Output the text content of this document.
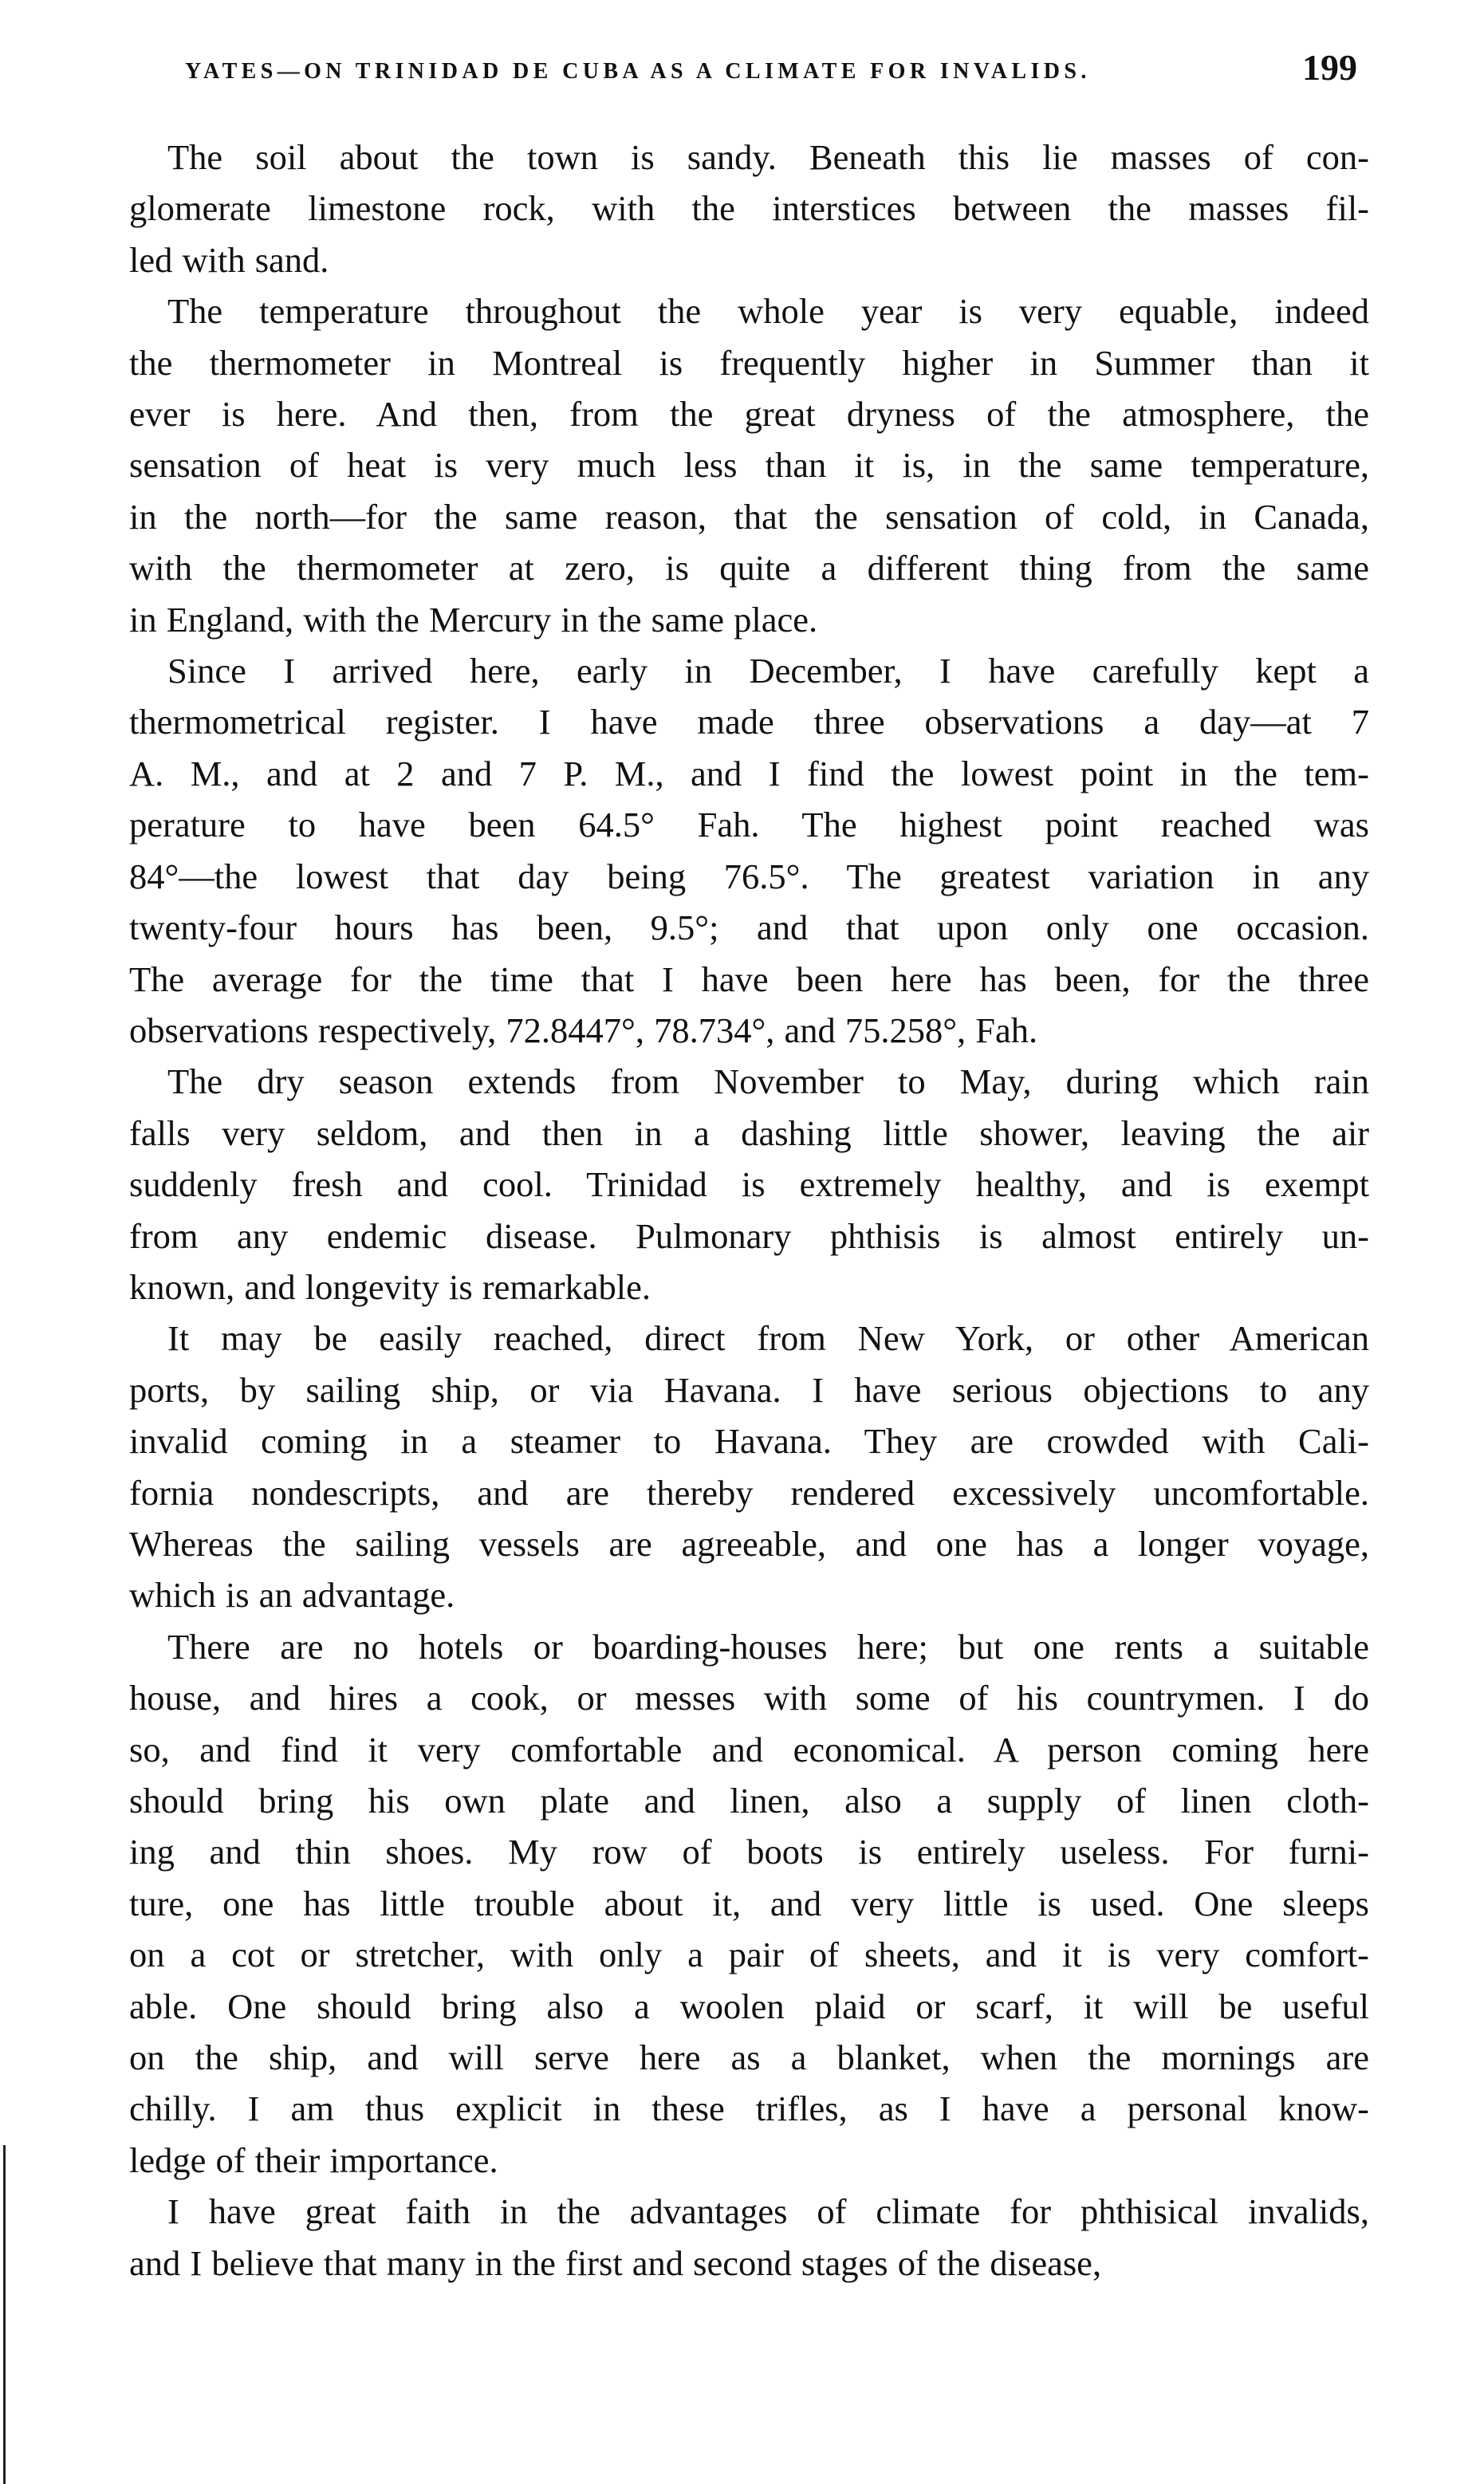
YATES—ON TRINIDAD DE CUBA AS A CLIMATE FOR INVALIDS.	199
The soil about the town is sandy. Beneath this lie masses of con-
glomerate limestone rock, with the interstices between the masses fil-
led with sand.
The temperature throughout the whole year is very equable, indeed
the thermometer in Montreal is frequently higher in Summer than it
ever is here. And then, from the great dryness of the atmosphere, the
sensation of heat is very much less than it is, in the same temperature,
in the north—for the same reason, that the sensation of cold, in Canada,
with the thermometer at zero, is quite a different thing from the same
in England, with the Mercury in the same place.
Since I arrived here, early in December, I have carefully kept a
thermometrical register. I have made three observations a day—at 7
A. M., and at 2 and 7 P. M., and I find the lowest point in the tem-
perature to have been 64.5° Fah. The highest point reached was
84°—the lowest that day being 76.5°. The greatest variation in any
twenty-four hours has been, 9.5°; and that upon only one occasion.
The average for the time that I have been here has been, for the three
observations respectively, 72.8447°, 78.734°, and 75.258°, Fah.
The dry season extends from November to May, during which rain
falls very seldom, and then in a dashing little shower, leaving the air
suddenly fresh and cool. Trinidad is extremely healthy, and is exempt
from any endemic disease. Pulmonary phthisis is almost entirely un-
known, and longevity is remarkable.
It may be easily reached, direct from New York, or other American
ports, by sailing ship, or via Havana. I have serious objections to any
invalid coming in a steamer to Havana. They are crowded with Cali-
fornia nondescripts, and are thereby rendered excessively uncomfortable.
Whereas the sailing vessels are agreeable, and one has a longer voyage,
which is an advantage.
There are no hotels or boarding-houses here; but one rents a suitable
house, and hires a cook, or messes with some of his countrymen. I do
so, and find it very comfortable and economical. A person coming here
should bring his own plate and linen, also a supply of linen cloth-
ing and thin shoes. My row of boots is entirely useless. For furni-
ture, one has little trouble about it, and very little is used. One sleeps
on a cot or stretcher, with only a pair of sheets, and it is very comfort-
able. One should bring also a woolen plaid or scarf, it will be useful
on the ship, and will serve here as a blanket, when the mornings are
chilly. I am thus explicit in these trifles, as I have a personal know-
ledge of their importance.
I have great faith in the advantages of climate for phthisical invalids,
and I believe that many in the first and second stages of the disease,
